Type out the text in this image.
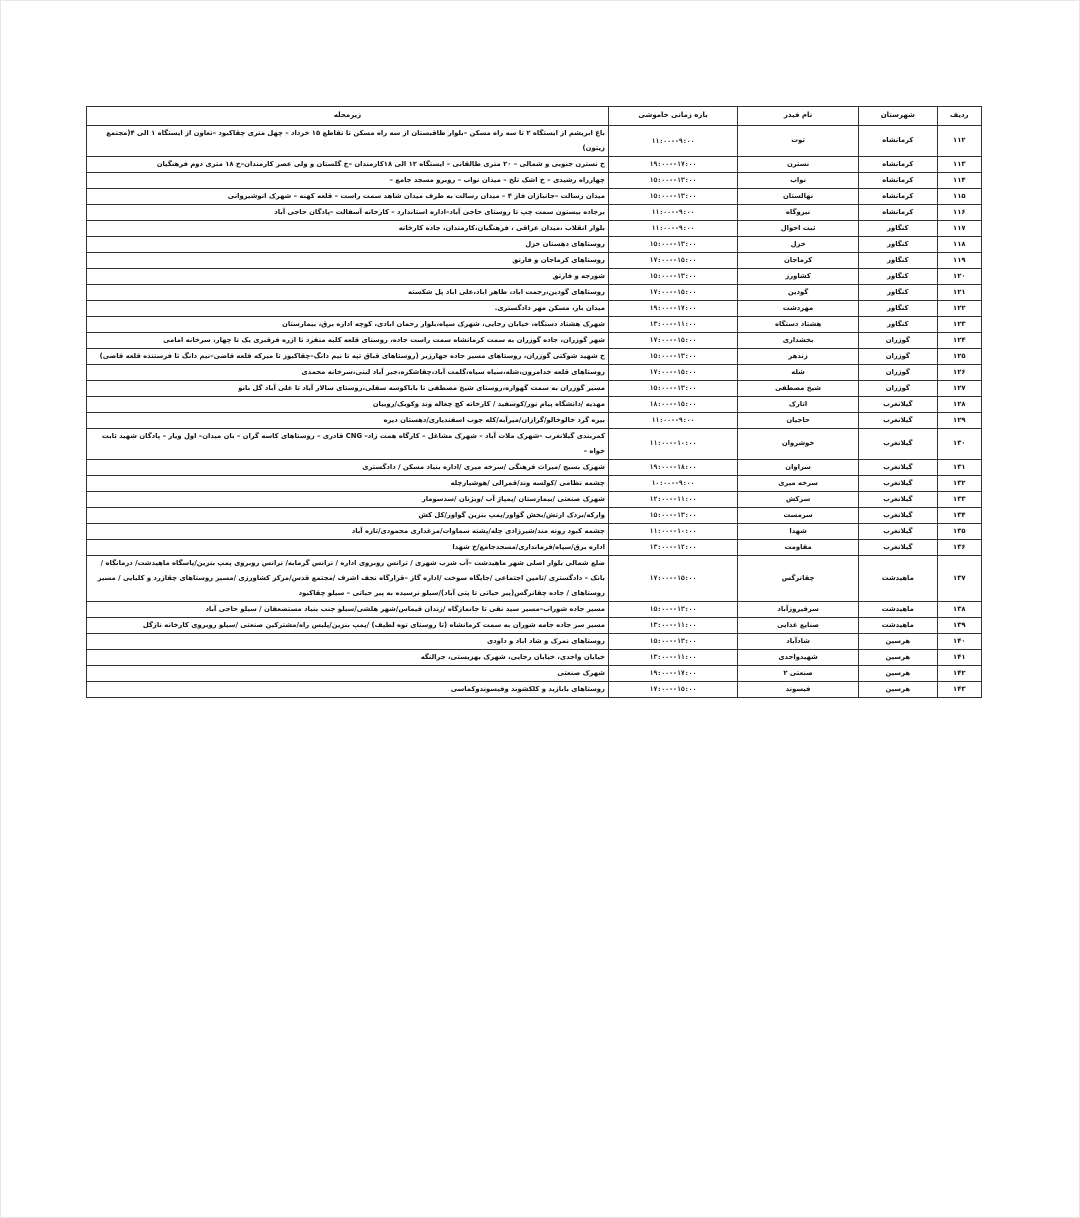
ردیف	شهرستان	نام فیدر	بازه زمانی خاموشی	زیرمحله
۱۱۲	کرمانشاه	توت	۱۱:۰۰--۹:۰۰	باغ ابریشم از ایستگاه ۲ تا سه راه مسکن –بلوار طاقبستان از سه راه مسکن تا تقاطع ۱۵ خرداد – چهل متری چقاکبود –تعاون از ایستگاه ۱ الی ۴(مجتمع زیتون)
۱۱۳	کرمانشاه	نسترن	۱۹:۰۰--۱۷:۰۰	خ نسترن جنوبی و شمالی – ۲۰ متری طالقانی – ایستگاه ۱۲ الی ۱۸کارمندان –خ گلستان و ولی عصر کارمندان–خ ۱۸ متری دوم فرهنگیان
۱۱۴	کرمانشاه	نواب	۱۵:۰۰--۱۳:۰۰	چهارراه رشیدی – خ اشک تلخ – میدان نواب – روبرو مسجد جامع –
۱۱۵	کرمانشاه	نهالستان	۱۵:۰۰--۱۳:۰۰	میدان رسالت –جانبازان فاز ۴ – میدان رسالت به طرف میدان شاهد سمت راست – قلعه کهنه – شهرک انوشیروانی
۱۱۶	کرمانشاه	نیروگاه	۱۱:۰۰--۹:۰۰	برجاده بیستون سمت چپ تا روستای حاجی آباد–اداره استاندارد – کارخانه آسفالت –پادگان حاجی آباد
۱۱۷	کنگاور	ثبت احوال	۱۱:۰۰--۹:۰۰	بلوار انقلاب ،میدان عراقی ، فرهنگیان،کارمندان، جاده کارخانه
۱۱۸	کنگاور	خزل	۱۵:۰۰--۱۳:۰۰	روستاهای دهستان خزل
۱۱۹	کنگاور	کرماجان	۱۷:۰۰--۱۵:۰۰	روستاهای کرماجان و فارتق
۱۲۰	کنگاور	کشاورز	۱۵:۰۰--۱۳:۰۰	شورجه و فارتق
۱۲۱	کنگاور	گودین	۱۷:۰۰--۱۵:۰۰	روستاهای گودین،رحمت اباد، طاهر اباد،علی اباد پل شکسته
۱۲۲	کنگاور	مهردشت	۱۹:۰۰--۱۷:۰۰	میدان بار، مسکن مهر دادگستری.
۱۲۳	کنگاور	هشتاد دستگاه	۱۳:۰۰--۱۱:۰۰	شهرک هشتاد دستگاه، خیابان رجایی، شهرک سپاه،بلوار رحمان ابادی، کوچه اداره برق، بیمارستان
۱۲۴	گوزران	بخشداری	۱۷:۰۰--۱۵:۰۰	شهر گوزران، جاده گوزران به سمت کرمانشاه سمت راست جاده، روستای قلعه کلیه منفرد تا ازره فرقبری یک تا چهار، سرخانه امامی
۱۲۵	گوزران	زندهر	۱۵:۰۰--۱۳:۰۰	خ شهید شوکتی گوزران، روستاهای مسیر جاده جهارزبر (روستاهای قباق تپه تا نیم دانگ–چقاکبوز تا میرکه قلعه قاضی–نیم دانگ تا فرستنده قلعه قاضی)
۱۲۶	گوزران	شله	۱۷:۰۰--۱۵:۰۰	روستاهای قلعه خدامرون،شله،سیاه سیاه،گلمت آباد،چقاشکره،جبر آباد لبنی،سرخانه محمدی
۱۲۷	گوزران	شیخ مصطفی	۱۵:۰۰--۱۳:۰۰	مسیر گوزران به سمت گهواره،روستای شیخ مصطفی تا باباکوسه سفلی،روستای سالار آباد تا علی آباد گل بانو
۱۲۸	گیلانغرب	اتارک	۱۸:۰۰--۱۵:۰۰	مهدیه /دانشگاه پیام نور/کوسفید / کارخانه کچ چغاله وند وکوبک/روبیان
۱۲۹	گیلانغرب	حاجیان	۱۱:۰۰--۹:۰۰	بیره گرد خالوخالو/گرازان/میرآبه/کله جوب اسفندیاری/دهستان دیره
۱۳۰	گیلانغرب	خوشروان	۱۱:۰۰--۱۰:۰۰	کمربندی گیلانغرب –شهرک ملات آباد – شهرک مشاغل – کارگاه همت زاد– CNG قادری – روستاهای کاسه گران – بان میدان– اول ویار – پادگان شهید ثابت خواه –
۱۳۱	گیلانغرب	سراوان	۱۹:۰۰--۱۸:۰۰	شهرک بسیج /میراث فرهنگی /سرخه میری /اداره بنیاد مسکن / دادگستری
۱۳۲	گیلانغرب	سرخه میری	۱۰:۰۰--۹:۰۰	چشمه نظامی /کولسه وند/قمرالی /هوشیارچله
۱۳۳	گیلانغرب	سرکش	۱۲:۰۰--۱۱:۰۰	شهرک صنعتی /بیمارستان /پمپاژ آب /ویژنان /سدسومار
۱۳۴	گیلانغرب	سرمست	۱۵:۰۰--۱۳:۰۰	وارکه/بردک ارتش/بخش گواور/پمپ بنزین گواور/کل کش
۱۳۵	گیلانغرب	شهدا	۱۱:۰۰--۱۰:۰۰	چشمه کبود رونه مند/شیرزادی چله/پشته سماوات/مرغداری محمودی/تازه آباد
۱۳۶	گیلانغرب	مقاومت	۱۳:۰۰--۱۲:۰۰	اداره برق/سپاه/فرمانداری/مسجدجامع/خ شهدا
۱۳۷	ماهیدشت	چقانرگس	۱۷:۰۰--۱۵:۰۰	ضلع شمالی بلوار اصلی شهر ماهیدشت –آب شرب شهری / ترانس روبروی اداره / ترانس گرمابه/ ترانس روبروی پمپ بنزین/پاسگاه ماهیدشت/ درمانگاه /بانک – دادگستری /تامین اجتماعی /جایگاه سوخت /اداره گاز –قرارگاه نجف اشرف /مجتمع قدس/مرکز کشاورزی /مسیر روستاهای چقازرد و کلیایی / مسیر روستاهای / جاده چقانرگس(پیر حیاتی تا پتی آباد)/سیلو نرسیده به پیر حیاتی – سیلو چقاکبود
۱۳۸	ماهیدشت	سرفیروزآباد	۱۵:۰۰--۱۳:۰۰	مسیر جاده شوراب–مسیر سید نقی تا جانمازگاه /زندان قیماس/شهر هلشی/سیلو جنب بنیاد مستضعفان / سیلو حاجی آباد
۱۳۹	ماهیدشت	صنایع غذایی	۱۳:۰۰--۱۱:۰۰	مسیر سر جاده جامه شوران به سمت کرمانشاه (تا روستای توه لطیف) /پمپ بنزین/پلیس راه/مشترکین صنعتی /سیلو روبروی کارخانه نازگل
۱۴۰	هرسین	شادآباد	۱۵:۰۰--۱۳:۰۰	روستاهای نمرک و شاد اباد و داودی
۱۴۱	هرسین	شهیدواحدی	۱۳:۰۰--۱۱:۰۰	خیابان واحدی، خیابان رجایی، شهرک بهزیستی، جرالنگه
۱۴۲	هرسین	صنعتی ۲	۱۹:۰۰--۱۷:۰۰	شهرک صنعتی
۱۴۳	هرسین	فیسوند	۱۷:۰۰--۱۵:۰۰	روستاهای بابازید و کلکشوند وفیسوندوکماسی
